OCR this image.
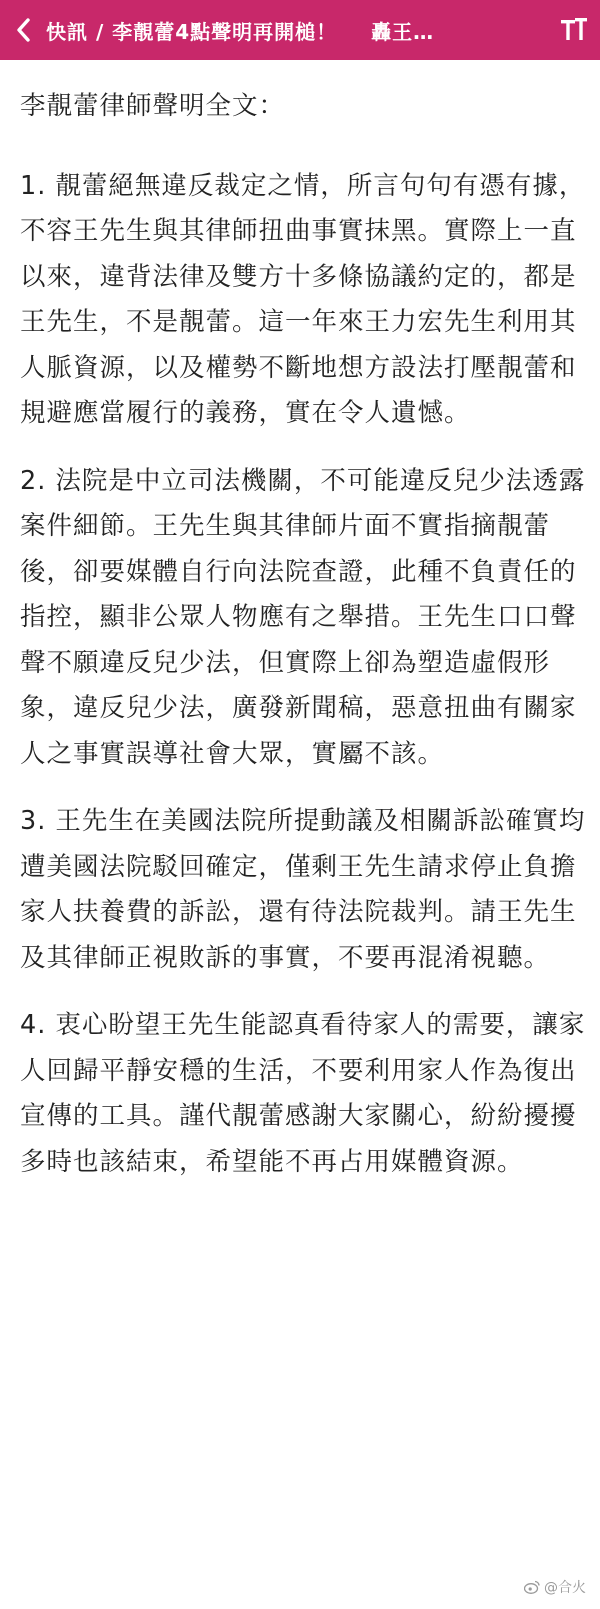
快訊 / 李靚蕾4點聲明再開槌！ 轟王…

李靚蕾律師聲明全文：

1. 靚蕾絕無違反裁定之情，所言句句有憑有據，不容王先生與其律師扭曲事實抹黑。實際上一直以來，違背法律及雙方十多條協議約定的，都是王先生，不是靚蕾。這一年來王力宏先生利用其人脈資源，以及權勢不斷地想方設法打壓靚蕾和規避應當履行的義務，實在令人遺憾。

2. 法院是中立司法機關，不可能違反兒少法透露案件細節。王先生與其律師片面不實指摘靚蕾後，卻要媒體自行向法院查證，此種不負責任的指控，顯非公眾人物應有之舉措。王先生口口聲聲不願違反兒少法，但實際上卻為塑造虛假形象，違反兒少法，廣發新聞稿，惡意扭曲有關家人之事實誤導社會大眾，實屬不該。

3. 王先生在美國法院所提動議及相關訴訟確實均遭美國法院駁回確定，僅剩王先生請求停止負擔家人扶養費的訴訟，還有待法院裁判。請王先生及其律師正視敗訴的事實，不要再混淆視聽。

4. 衷心盼望王先生能認真看待家人的需要，讓家人回歸平靜安穩的生活，不要利用家人作為復出宣傳的工具。謹代靚蕾感謝大家關心，紛紛擾擾多時也該結束，希望能不再占用媒體資源。

@合火
